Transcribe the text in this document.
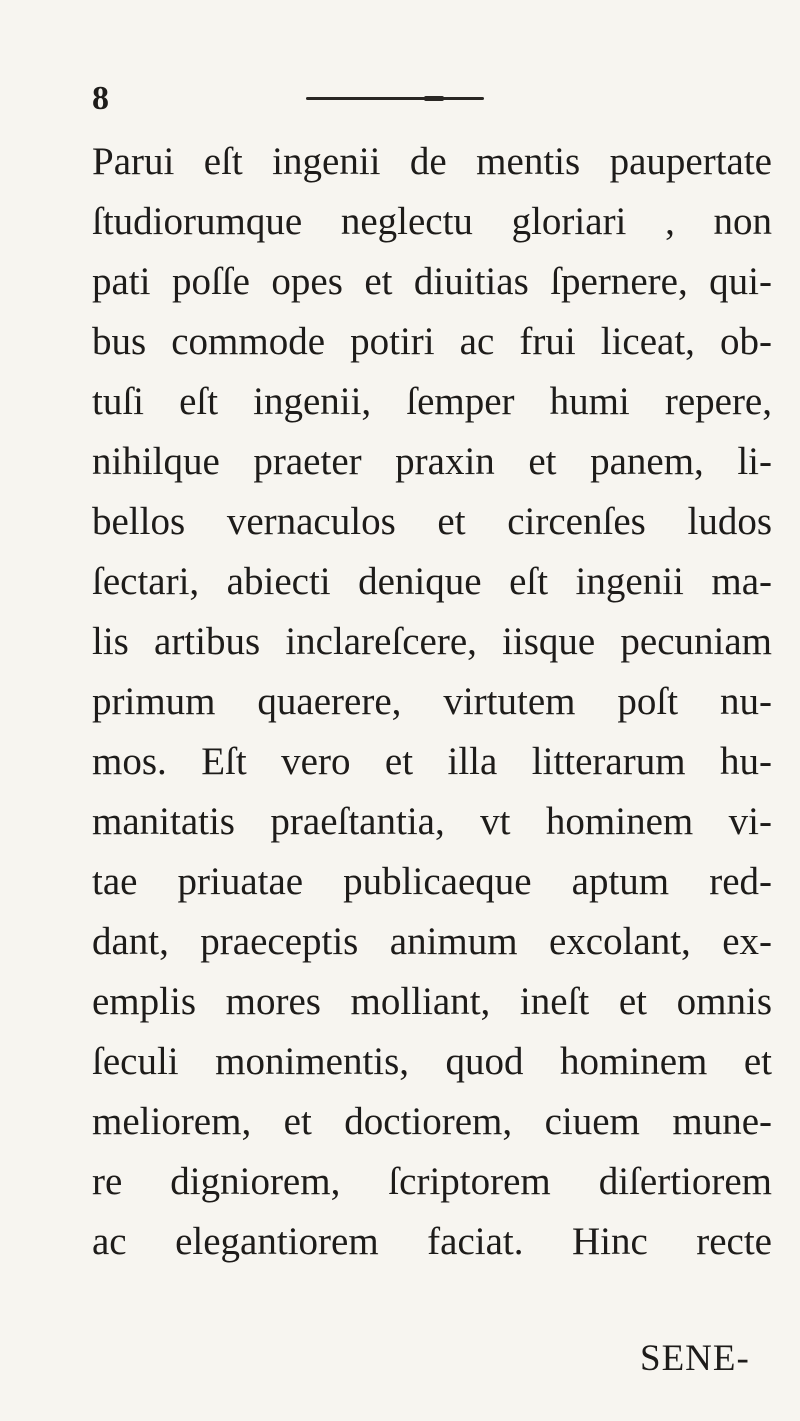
8
Parui eſt ingenii de mentis paupertate
ſtudiorumque neglectu gloriari , non
pati poſſe opes et diuitias ſpernere, qui-
bus commode potiri ac frui liceat, ob-
tuſi eſt ingenii, ſemper humi repere,
nihilque praeter praxin et panem, li-
bellos vernaculos et circenſes ludos
ſectari, abiecti denique eſt ingenii ma-
lis artibus inclareſcere, iisque pecuniam
primum quaerere, virtutem poſt nu-
mos. Eſt vero et illa litterarum hu-
manitatis praeſtantia, vt hominem vi-
tae priuatae publicaeque aptum red-
dant, praeceptis animum excolant, ex-
emplis mores molliant, ineſt et omnis
ſeculi monimentis, quod hominem et
meliorem, et doctiorem, ciuem mune-
re digniorem, ſcriptorem diſertiorem
ac elegantiorem faciat. Hinc recte
SENE-
